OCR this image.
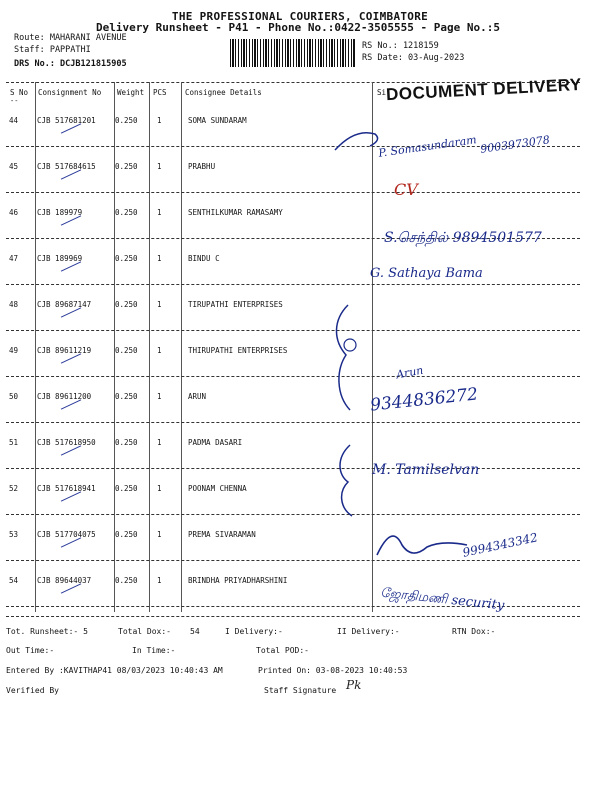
THE PROFESSIONAL COURIERS, COIMBATORE
Delivery Runsheet - P41 - Phone No.:0422-3505555 - Page No.:5
Route: MAHARANI AVENUE
Staff: PAPPATHI
DRS No.: DCJB121815905
RS No.: 1218159
RS Date: 03-Aug-2023
S No Consignment No Weight PCS Consignee Details	Si
--	DOCUMENT DELIVERY
44	CJB 517681201	0.250	1	SOMA SUNDARAM
45	CJB 517684615	0.250	1	PRABHU
46	CJB 189979	0.250	1	SENTHILKUMAR RAMASAMY
47	CJB 189969	0.250	1	BINDU C
48	CJB 89687147	0.250	1	TIRUPATHI ENTERPRISES
49	CJB 89611219	0.250	1	THIRUPATHI ENTERPRISES
50	CJB 89611200	0.250	1	ARUN
51	CJB 517618950	0.250	1	PADMA DASARI
52	CJB 517618941	0.250	1	POONAM CHENNA
53	CJB 517704075	0.250	1	PREMA SIVARAMAN
54	CJB 89644037	0.250	1	BRINDHA PRIYADHARSHINI
P. Somasundaram 9003973078
CV
S.செந்தில் 9894501577
G. Sathaya Bama
Arun
9344836272
M. Tamilselvan
9994343342
ஜோதிமணி security
Pk
Tot. Runsheet:- 5	Total Dox:- 54	I Delivery:-	II Delivery:-	RTN Dox:-
Out Time:-	In Time:-	Total POD:-
Entered By :KAVITHAP41 08/03/2023 10:40:43 AM	Printed On: 03-08-2023 10:40:53
Verified By	Staff Signature
